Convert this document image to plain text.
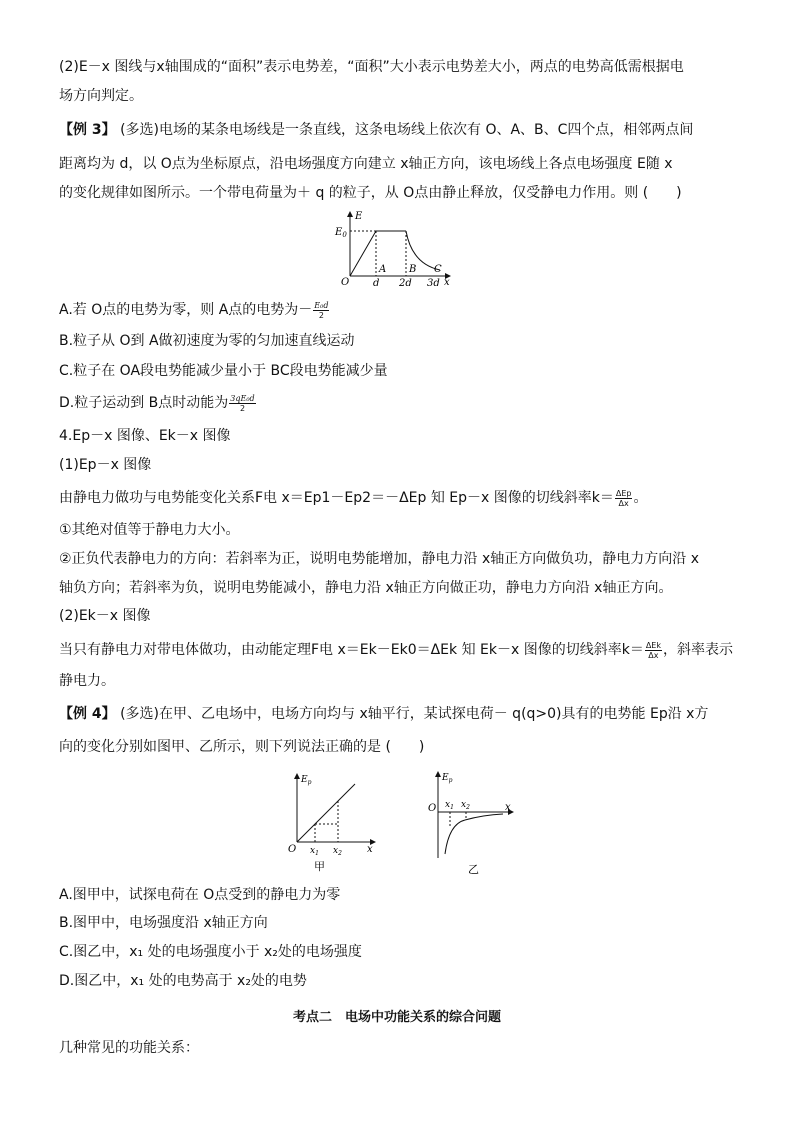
(2)E－x 图线与x轴围成的“面积”表示电势差，“面积”大小表示电势差大小，两点的电势高低需根据电
场方向判定。
【例 3】 (多选)电场的某条电场线是一条直线，这条电场线上依次有 O、A、B、C四个点，相邻两点间
距离均为 d，以 O点为坐标原点，沿电场强度方向建立 x轴正方向，该电场线上各点电场强度 E随 x
的变化规律如图所示。一个带电荷量为＋ q 的粒子，从 O点由静止释放，仅受静电力作用。则 (　　)
E
$E_0$
O
A B C
d 2d 3d x
A.若 O点的电势为零，则 A点的电势为－ $\frac{\text{E₀d}}{2}$
B.粒子从 O到 A做初速度为零的匀加速直线运动
C.粒子在 OA段电势能减少量小于 BC段电势能减少量
D.粒子运动到 B点时动能为 $\frac{\text{3qE₀d}}{2}$
4.Ep－x 图像、Ek－x 图像
(1)Ep－x 图像
由静电力做功与电势能变化关系F电 x＝Ep1－Ep2＝－ΔEp 知 Ep－x 图像的切线斜率$k= \frac{\text{ΔEp}}{\Delta x}$ 。
①其绝对值等于静电力大小。
②正负代表静电力的方向：若斜率为正，说明电势能增加，静电力沿 x轴正方向做负功，静电力方向沿 x
轴负方向；若斜率为负，说明电势能减小，静电力沿 x轴正方向做正功，静电力方向沿 x轴正方向。
(2)Ek－x 图像
当只有静电力对带电体做功，由动能定理F电 x＝Ek－Ek0＝ΔEk 知 Ek－x 图像的切线斜率$k= \frac{\text{ΔEk}}{\Delta x}$ ，斜率表示
静电力。
【例 4】 (多选)在甲、乙电场中，电场方向均与 x轴平行，某试探电荷－ q(q>0)具有的电势能 Ep沿 x方
向的变化分别如图甲、乙所示，则下列说法正确的是 (　　)
$E_p$
O $x_1$ $x_2$	x
甲
$E_p$
O $x_1$ $x_2$	x
乙
A.图甲中，试探电荷在 O点受到的静电力为零
B.图甲中，电场强度沿 x轴正方向
C.图乙中，x₁ 处的电场强度小于 x₂处的电场强度
D.图乙中，x₁ 处的电势高于 x₂处的电势
考点二　电场中功能关系的综合问题
几种常见的功能关系：
